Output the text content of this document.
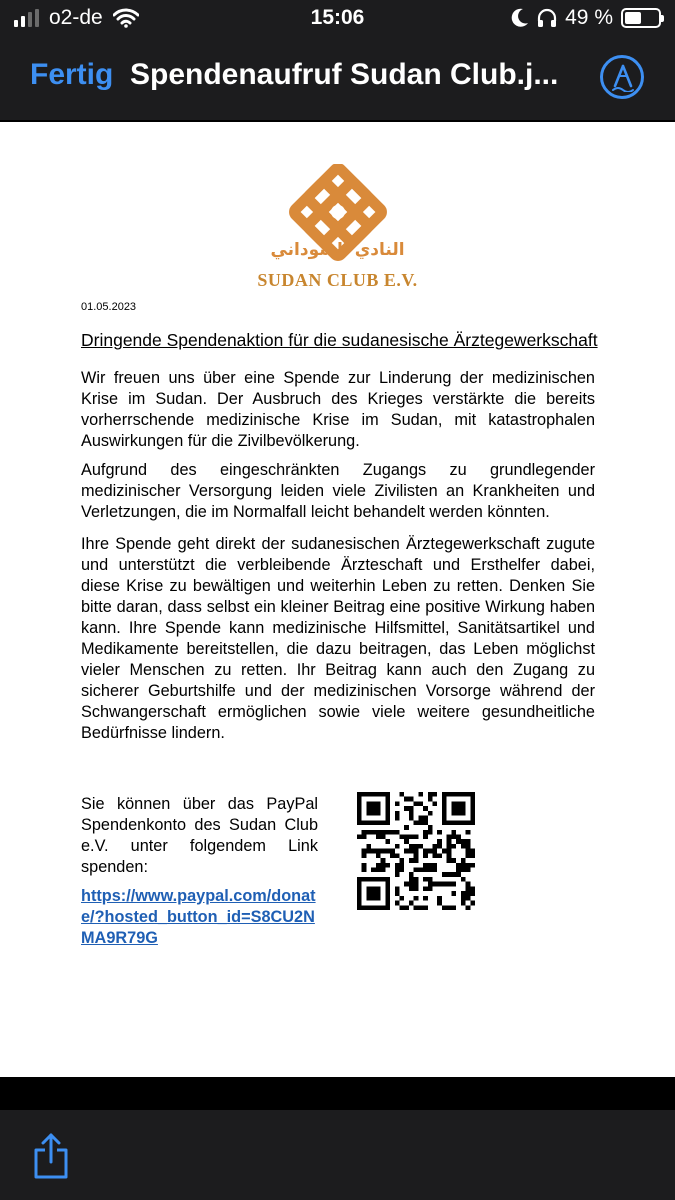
o2-de	15:06	49 %
Fertig Spendenaufruf Sudan Club.j...
النادي السوداني
SUDAN CLUB E.V.
01.05.2023
Dringende Spendenaktion für die sudanesische Ärztegewerkschaft
Wir freuen uns über eine Spende zur Linderung der medizinischen Krise im Sudan. Der Ausbruch des Krieges verstärkte die bereits vorherrschende medizinische Krise im Sudan, mit katastrophalen Auswirkungen für die Zivilbevölkerung.
Aufgrund des eingeschränkten Zugangs zu grundlegender medizinischer Versorgung leiden viele Zivilisten an Krankheiten und Verletzungen, die im Normalfall leicht behandelt werden könnten.
Ihre Spende geht direkt der sudanesischen Ärztegewerkschaft zugute und unterstützt die verbleibende Ärzteschaft und Ersthelfer dabei, diese Krise zu bewältigen und weiterhin Leben zu retten. Denken Sie bitte daran, dass selbst ein kleiner Beitrag eine positive Wirkung haben kann. Ihre Spende kann medizinische Hilfsmittel, Sanitätsartikel und Medikamente bereitstellen, die dazu beitragen, das Leben möglichst vieler Menschen zu retten. Ihr Beitrag kann auch den Zugang zu sicherer Geburtshilfe und der medizinischen Vorsorge während der Schwangerschaft ermöglichen sowie viele weitere gesundheitliche Bedürfnisse lindern.
Sie können über das PayPal Spendenkonto des Sudan Club e.V. unter folgendem Link spenden:
https://www.paypal.com/donate/?hosted_button_id=S8CU2NMA9R79G
